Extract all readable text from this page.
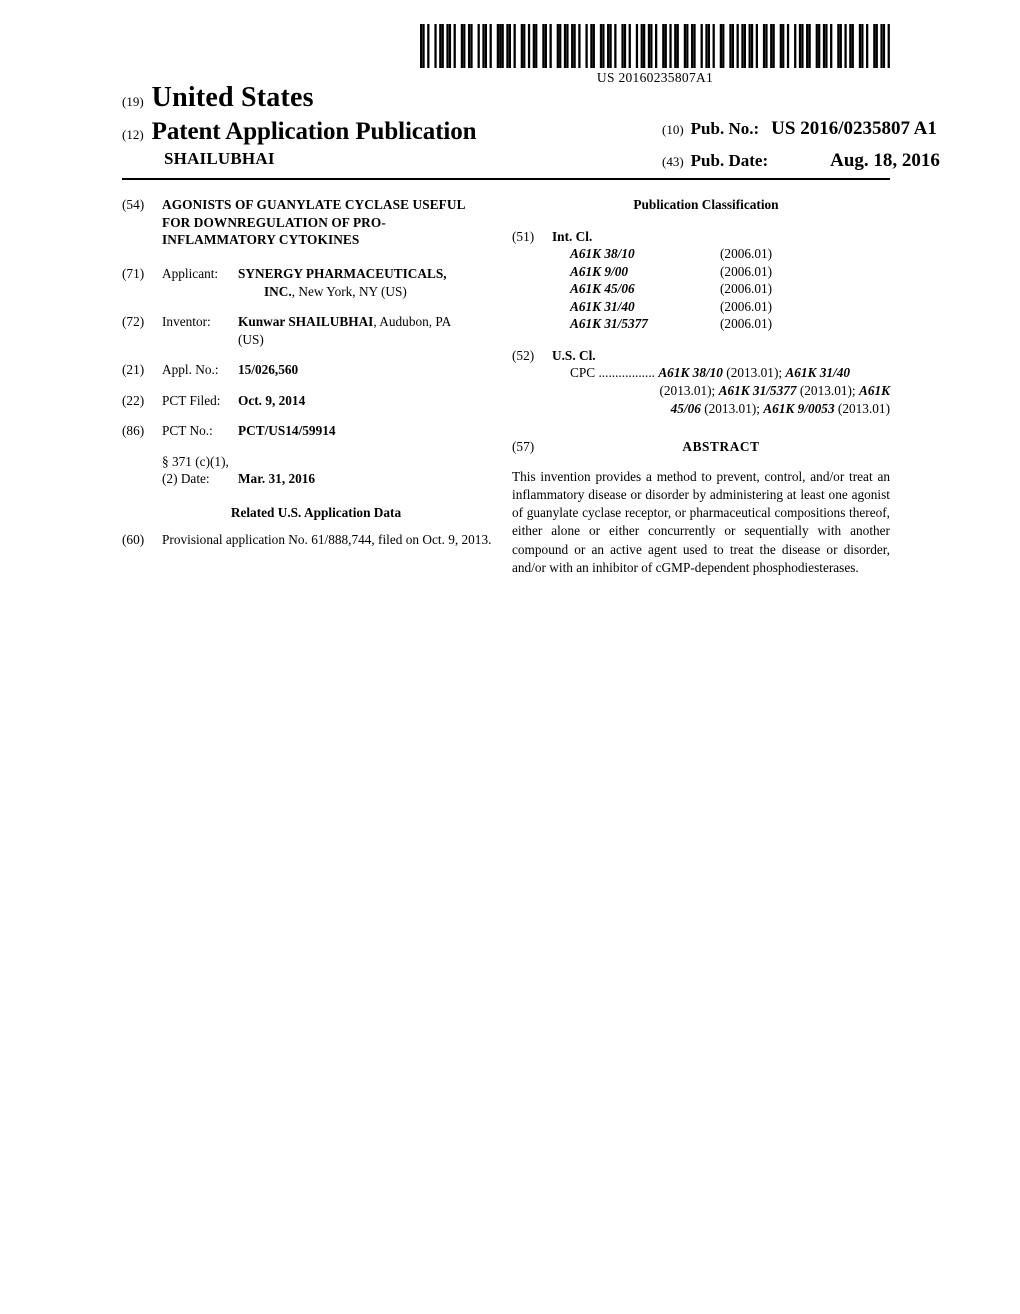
US 20160235807A1
(19) United States
(12) Patent Application Publication
SHAILUBHAI
(10) Pub. No.: US 2016/0235807 A1
(43) Pub. Date:	Aug. 18, 2016
(54)	AGONISTS OF GUANYLATE CYCLASE USEFUL FOR DOWNREGULATION OF PRO-INFLAMMATORY CYTOKINES
(71)	Applicant:	SYNERGY PHARMACEUTICALS,
INC., New York, NY (US)
(72)	Inventor:	Kunwar SHAILUBHAI, Audubon, PA
(US)
(21)	Appl. No.:	15/026,560
(22)	PCT Filed:	Oct. 9, 2014
(86)	PCT No.:	PCT/US14/59914
§ 371 (c)(1),
(2) Date:	Mar. 31, 2016
Related U.S. Application Data
(60)	Provisional application No. 61/888,744, filed on Oct. 9, 2013.
Publication Classification
(51)	Int. Cl.
A61K 38/10	(2006.01)
A61K 9/00	(2006.01)
A61K 45/06	(2006.01)
A61K 31/40	(2006.01)
A61K 31/5377	(2006.01)
(52)	U.S. Cl.
CPC ................. A61K 38/10 (2013.01); A61K 31/40
(2013.01); A61K 31/5377 (2013.01); A61K
45/06 (2013.01); A61K 9/0053 (2013.01)
(57)	ABSTRACT
This invention provides a method to prevent, control, and/or treat an inflammatory disease or disorder by administering at least one agonist of guanylate cyclase receptor, or pharmaceutical compositions thereof, either alone or either concurrently or sequentially with another compound or an active agent used to treat the disease or disorder, and/or with an inhibitor of cGMP-dependent phosphodiesterases.
